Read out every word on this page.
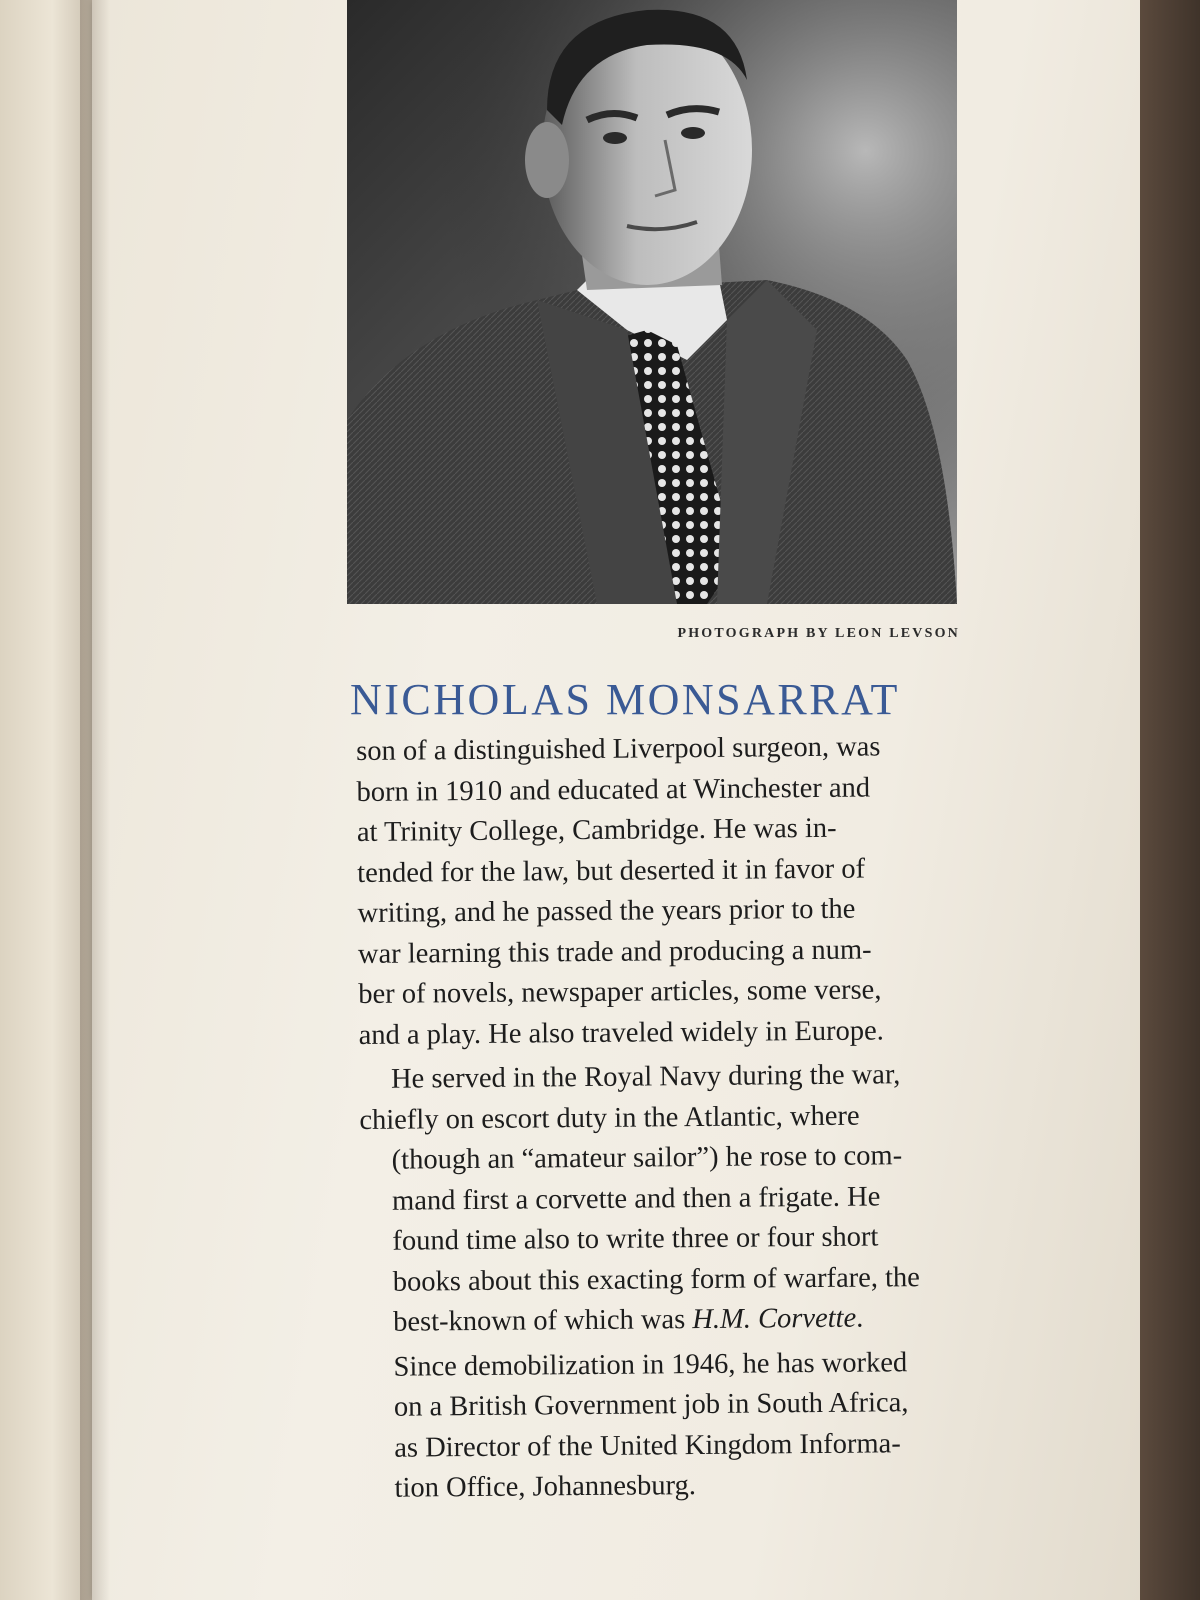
PHOTOGRAPH BY LEON LEVSON
NICHOLAS MONSARRAT

son of a distinguished Liverpool surgeon, was
born in 1910 and educated at Winchester and
at Trinity College, Cambridge. He was in-
tended for the law, but deserted it in favor of
writing, and he passed the years prior to the
war learning this trade and producing a num-
ber of novels, newspaper articles, some verse,
and a play. He also traveled widely in Europe.

He served in the Royal Navy during the war,
chiefly on escort duty in the Atlantic, where
(though an “amateur sailor”) he rose to com-
mand first a corvette and then a frigate. He
found time also to write three or four short
books about this exacting form of warfare, the
best-known of which was H.M. Corvette.

Since demobilization in 1946, he has worked
on a British Government job in South Africa,
as Director of the United Kingdom Informa-
tion Office, Johannesburg.
